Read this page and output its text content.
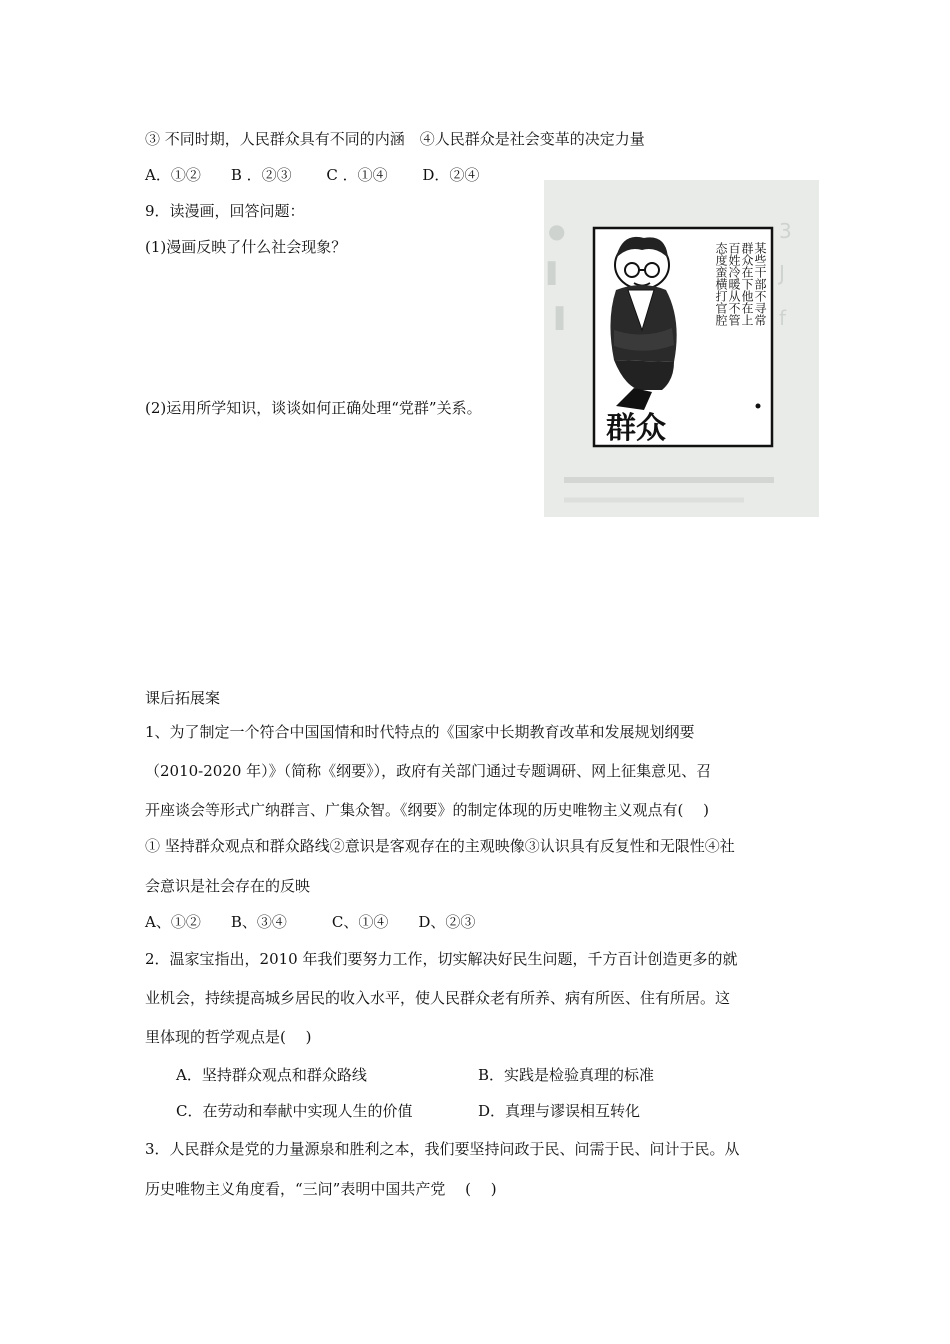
③ 不同时期，人民群众具有不同的内涵　④人民群众是社会变革的决定力量
A．①②　　B ．②③　　 C ．①④　　 D．②④
9．读漫画，回答问题：
(1)漫画反映了什么社会现象？
(2)运用所学知识，谈谈如何正确处理“党群”关系。
●
▌
▐
3
J
f
群众
某些干部不寻常
群众在下他在上
百姓冷暖从不管
态度蛮横打官腔
课后拓展案
1、为了制定一个符合中国国情和时代特点的《国家中长期教育改革和发展规划纲要
（2010-2020 年）》（简称《纲要》），政府有关部门通过专题调研、网上征集意见、召
开座谈会等形式广纳群言、广集众智。《纲要》的制定体现的历史唯物主义观点有(　 )
① 坚持群众观点和群众路线②意识是客观存在的主观映像③认识具有反复性和无限性④社
会意识是社会存在的反映
A、①②　　B、③④　　　C、①④　　D、②③
2．温家宝指出，2010 年我们要努力工作，切实解决好民生问题，千方百计创造更多的就
业机会，持续提高城乡居民的收入水平，使人民群众老有所养、病有所医、住有所居。这
里体现的哲学观点是(　 )
A．坚持群众观点和群众路线	B．实践是检验真理的标准
C．在劳动和奉献中实现人生的价值	D．真理与谬误相互转化
3．人民群众是党的力量源泉和胜利之本，我们要坚持问政于民、问需于民、问计于民。从
历史唯物主义角度看，“三问”表明中国共产党　 (　 )
